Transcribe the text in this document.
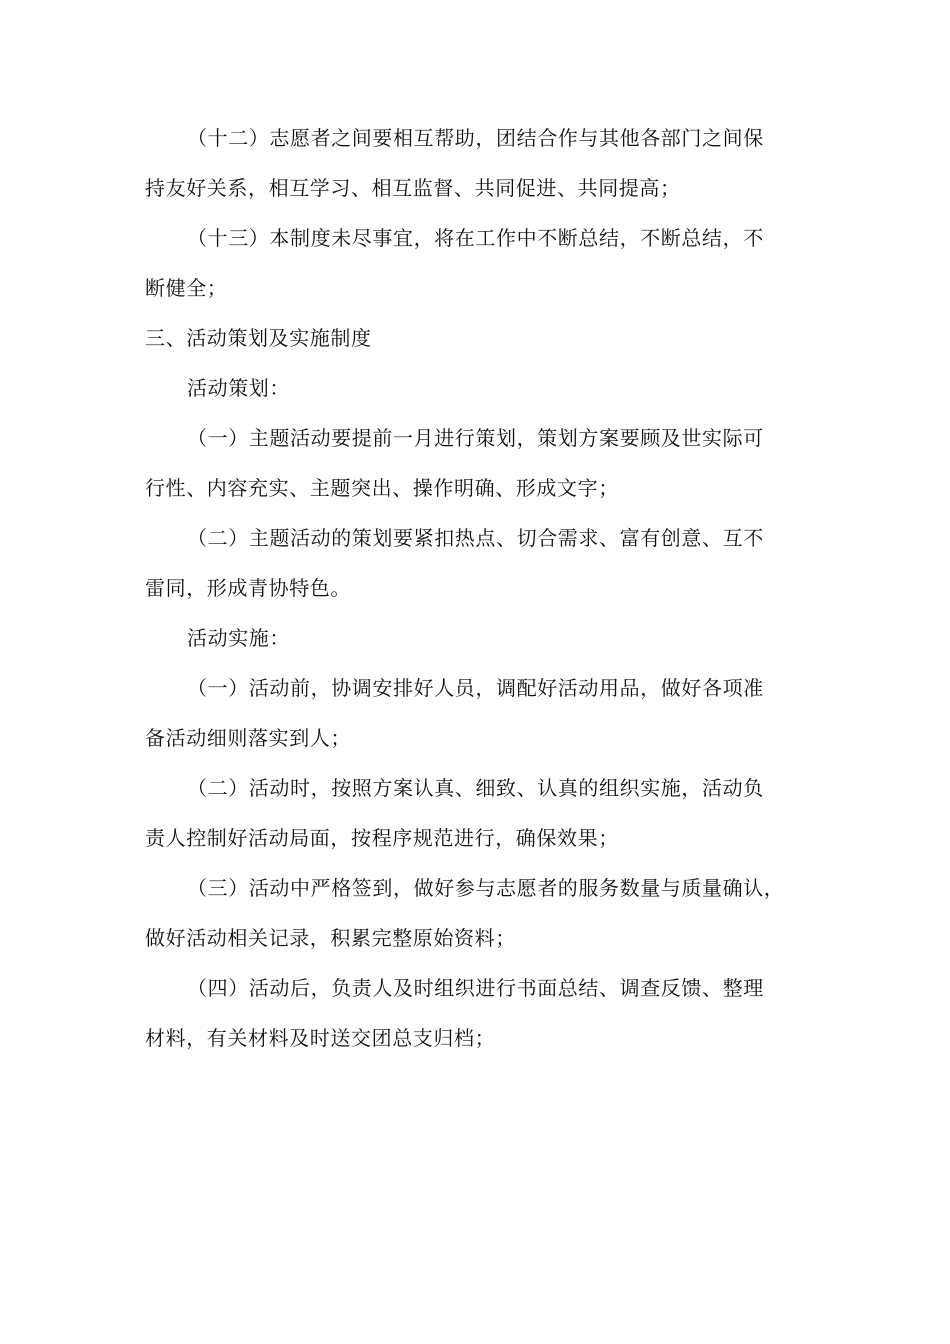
（十二）志愿者之间要相互帮助，团结合作与其他各部门之间保
持友好关系，相互学习、相互监督、共同促进、共同提高；

（十三）本制度未尽事宜，将在工作中不断总结，不断总结，不
断健全；

三、活动策划及实施制度

活动策划：

（一）主题活动要提前一月进行策划，策划方案要顾及世实际可
行性、内容充实、主题突出、操作明确、形成文字；

（二）主题活动的策划要紧扣热点、切合需求、富有创意、互不
雷同，形成青协特色。

活动实施：

（一）活动前，协调安排好人员，调配好活动用品，做好各项准
备活动细则落实到人；

（二）活动时，按照方案认真、细致、认真的组织实施，活动负
责人控制好活动局面，按程序规范进行，确保效果；

（三）活动中严格签到，做好参与志愿者的服务数量与质量确认，
做好活动相关记录，积累完整原始资料；

（四）活动后，负责人及时组织进行书面总结、调查反馈、整理
材料，有关材料及时送交团总支归档；
